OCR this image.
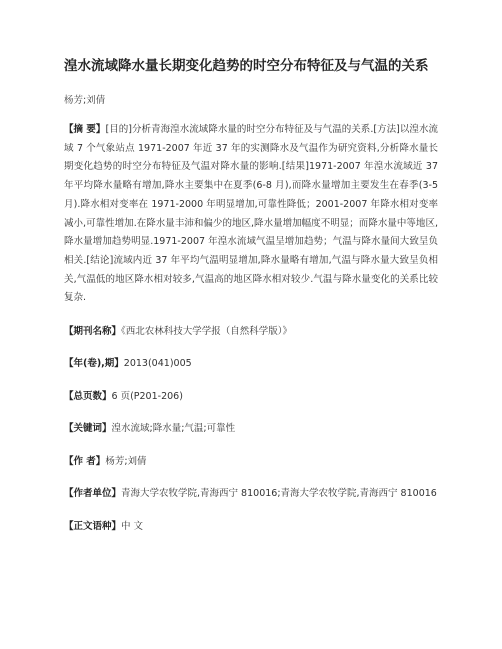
湟水流域降水量长期变化趋势的时空分布特征及与气温的关系
杨芳;刘倩
【摘 要】[目的]分析青海湟水流域降水量的时空分布特征及与气温的关系.[方法]以湟水流域 7 个气象站点 1971-2007 年近 37 年的实测降水及气温作为研究资料,分析降水量长期变化趋势的时空分布特征及气温对降水量的影响.[结果]1971-2007 年湟水流域近 37 年平均降水量略有增加,降水主要集中在夏季(6-8 月),而降水量增加主要发生在春季(3-5 月).降水相对变率在 1971-2000 年明显增加,可靠性降低；2001-2007 年降水相对变率减小,可靠性增加.在降水量丰沛和偏少的地区,降水量增加幅度不明显；而降水量中等地区,降水量增加趋势明显.1971-2007 年湟水流域气温呈增加趋势；气温与降水量间大致呈负相关.[结论]流域内近 37 年平均气温明显增加,降水量略有增加,气温与降水量大致呈负相关,气温低的地区降水相对较多,气温高的地区降水相对较少.气温与降水量变化的关系比较复杂.
【期刊名称】《西北农林科技大学学报（自然科学版）》
【年(卷),期】2013(041)005
【总页数】6 页(P201-206)
【关键词】湟水流域;降水量;气温;可靠性
【作 者】杨芳;刘倩
【作者单位】青海大学农牧学院,青海西宁 810016;青海大学农牧学院,青海西宁 810016
【正文语种】中 文
